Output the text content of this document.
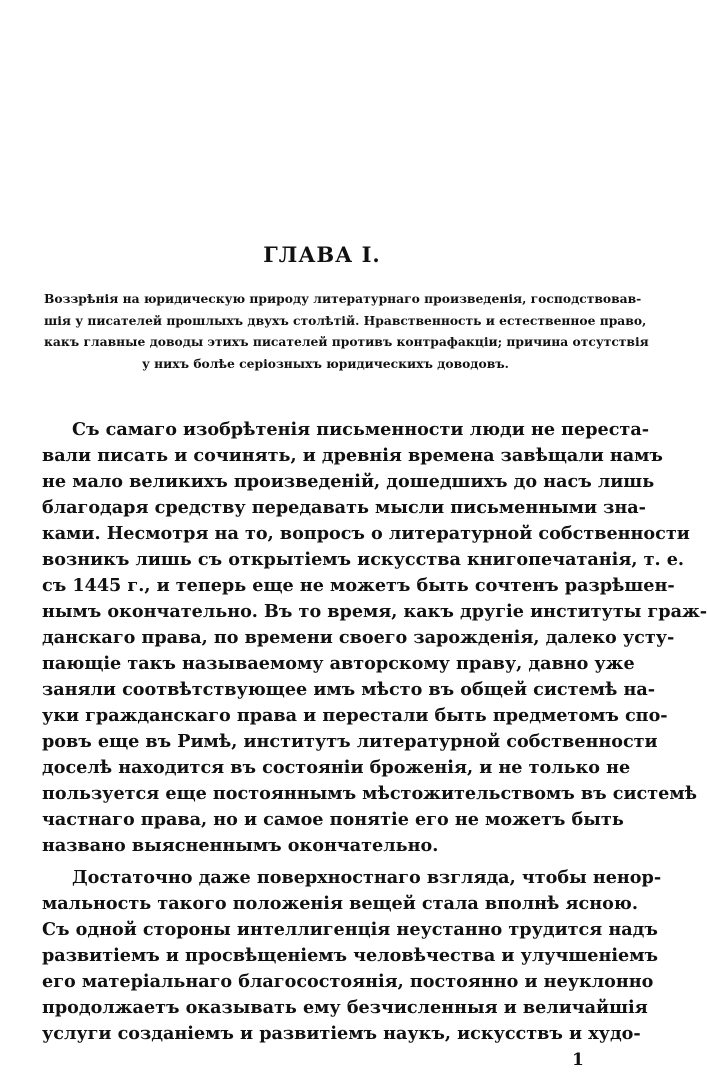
ГЛАВА I.
Воззрѣнія на юридическую природу литературнаго произведенія, господствовав-
шія у писателей прошлыхъ двухъ столѣтій. Нравственность и естественное право,
какъ главные доводы этихъ писателей противъ контрафакціи; причина отсутствія
у нихъ болѣе серіозныхъ юридическихъ доводовъ.
Съ самаго изобрѣтенія письменности люди не переста-
вали писать и сочинять, и древнія времена завѣщали намъ
не мало великихъ произведеній, дошедшихъ до насъ лишь
благодаря средству передавать мысли письменными зна-
ками. Несмотря на то, вопросъ о литературной собственности
возникъ лишь съ открытіемъ искусства книгопечатанія, т. е.
съ 1445 г., и теперь еще не можетъ быть сочтенъ разрѣшен-
нымъ окончательно. Въ то время, какъ другіе институты граж-
данскаго права, по времени своего зарожденія, далеко усту-
пающіе такъ называемому авторскому праву, давно уже
заняли соотвѣтствующее имъ мѣсто въ общей системѣ на-
уки гражданскаго права и перестали быть предметомъ спо-
ровъ еще въ Римѣ, институтъ литературной собственности
доселѣ находится въ состояніи броженія, и не только не
пользуется еще постояннымъ мѣстожительствомъ въ системѣ
частнаго права, но и самое понятіе его не можетъ быть
названо выясненнымъ окончательно.
Достаточно даже поверхностнаго взгляда, чтобы ненор-
мальность такого положенія вещей стала вполнѣ ясною.
Съ одной стороны интеллигенція неустанно трудится надъ
развитіемъ и просвѣщеніемъ человѣчества и улучшеніемъ
его матеріальнаго благосостоянія, постоянно и неуклонно
продолжаетъ оказывать ему безчисленныя и величайшія
услуги созданіемъ и развитіемъ наукъ, искусствъ и худо-
1
